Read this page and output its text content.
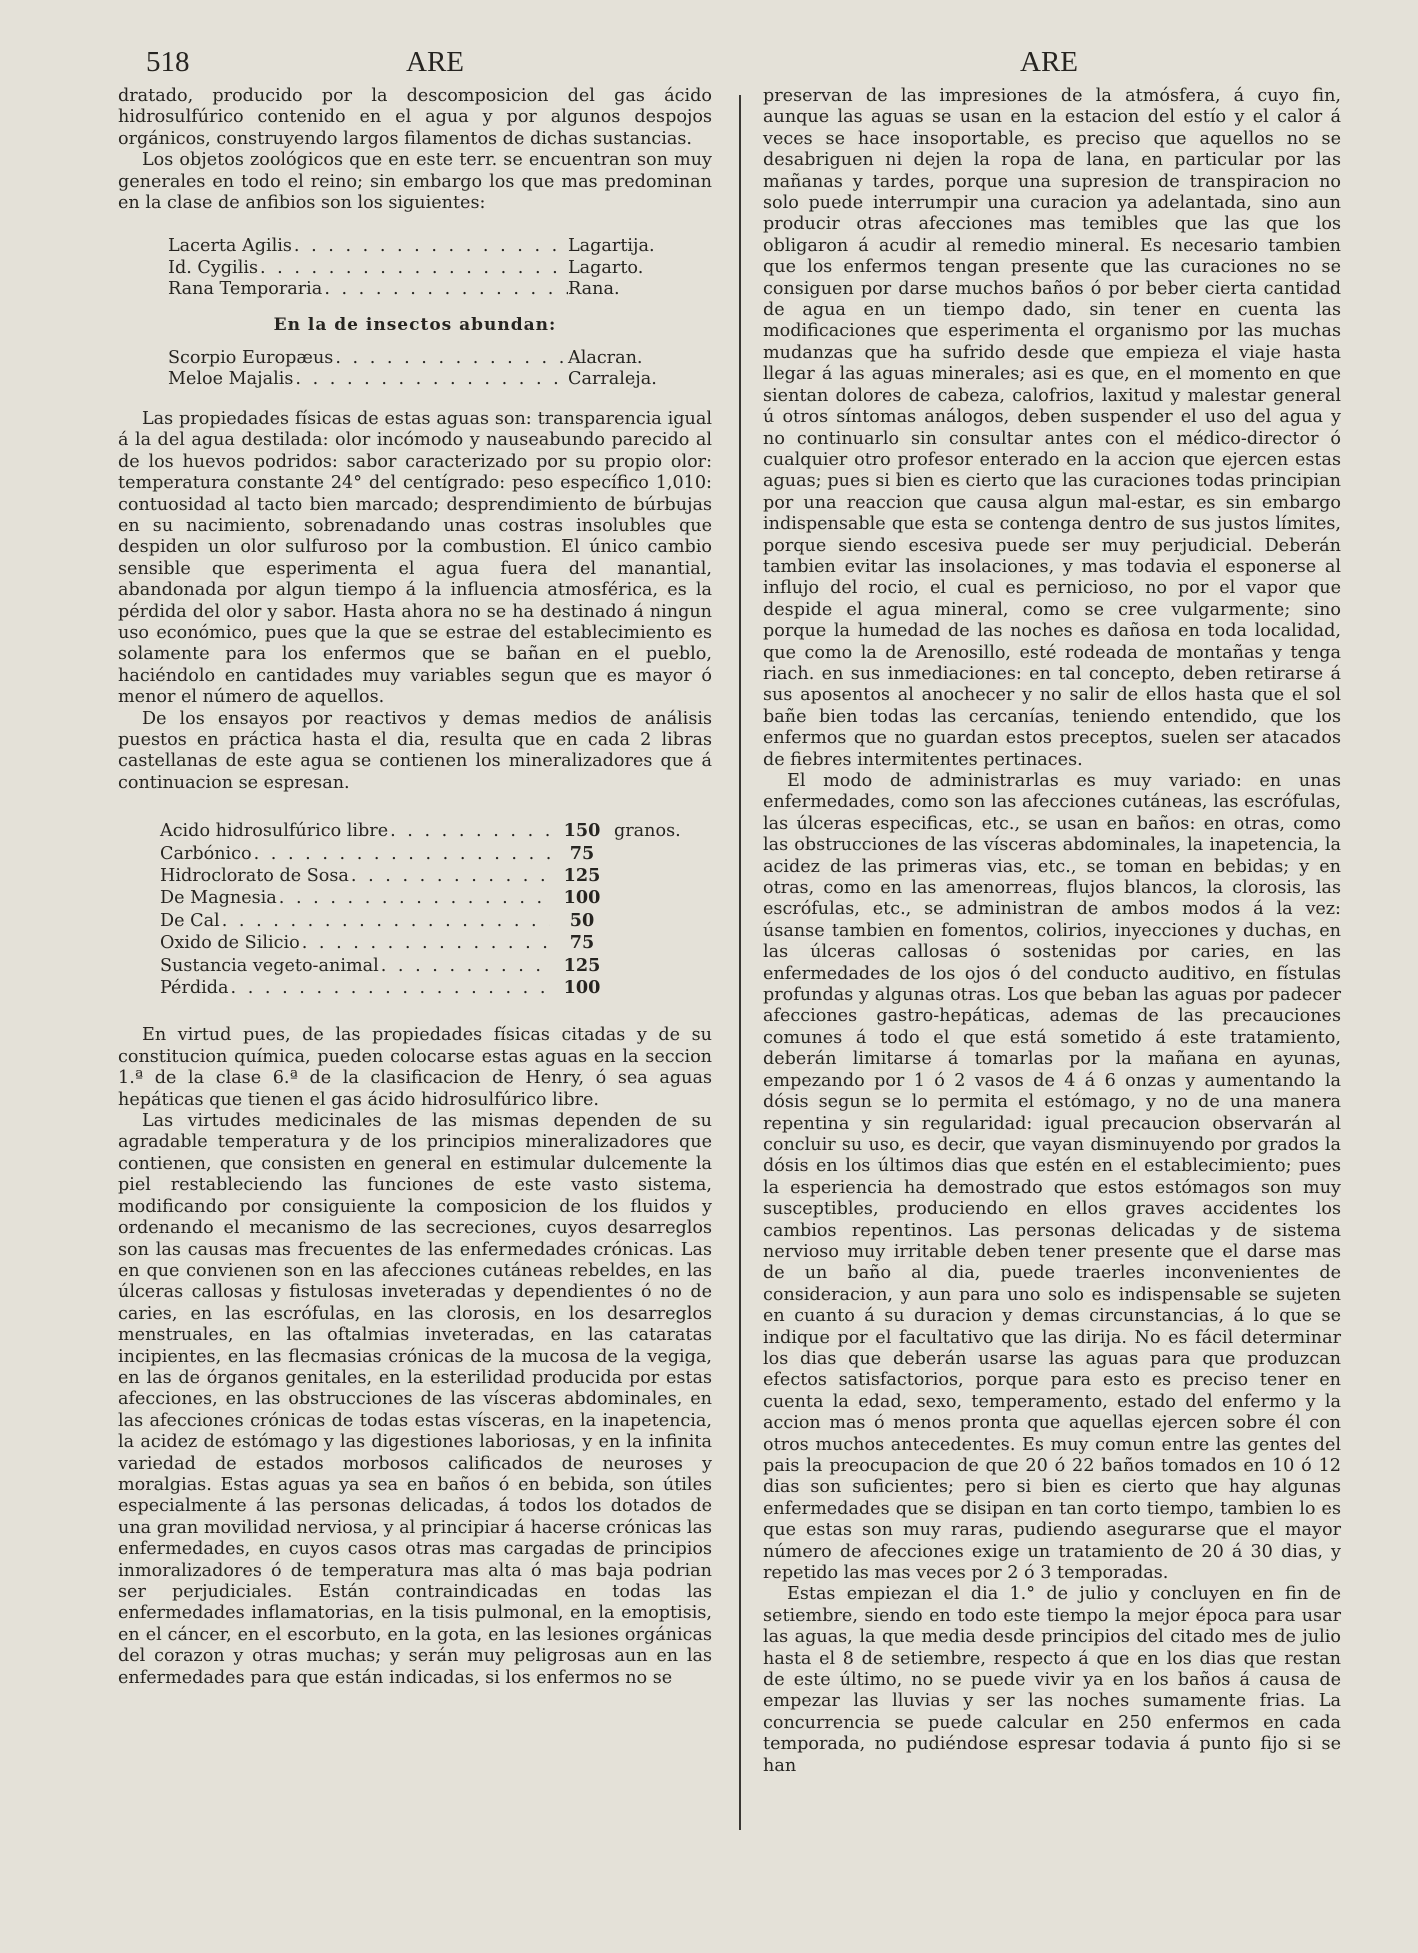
518	ARE	ARE

dratado, producido por la descomposicion del gas ácido hidrosulfúrico contenido en el agua y por algunos despojos orgánicos, construyendo largos filamentos de dichas sustancias.

Los objetos zoológicos que en este terr. se encuentran son muy generales en todo el reino; sin embargo los que mas predominan en la clase de anfibios son los siguientes:

Lacerta Agilis . . .	Lagartija.
Id. Cygilis . . .	Lagarto.
Rana Temporaria . . .	Rana.
En la de insectos abundan:
Scorpio Europæus . . .	Alacran.
Meloe Majalis . . .	Carraleja.

Las propiedades físicas de estas aguas son: transparencia igual á la del agua destilada: olor incómodo y nauseabundo parecido al de los huevos podridos: sabor caracterizado por su propio olor: temperatura constante 24° del centígrado: peso específico 1,010: contuosidad al tacto bien marcado; desprendimiento de búrbujas en su nacimiento, sobrenadando unas costras insolubles que despiden un olor sulfuroso por la combustion. El único cambio sensible que esperimenta el agua fuera del manantial, abandonada por algun tiempo á la influencia atmosférica, es la pérdida del olor y sabor. Hasta ahora no se ha destinado á ningun uso económico, pues que la que se estrae del establecimiento es solamente para los enfermos que se bañan en el pueblo, haciéndolo en cantidades muy variables segun que es mayor ó menor el número de aquellos.

De los ensayos por reactivos y demas medios de análisis puestos en práctica hasta el dia, resulta que en cada 2 libras castellanas de este agua se contienen los mineralizadores que á continuacion se espresan.

Acido hidrosulfúrico libre . . .	150 granos.
Carbónico . . .	75
Hidroclorato de Sosa . . .	125
De Magnesia . . .	100
De Cal . . .	50
Oxido de Silicio . . .	75
Sustancia vegeto-animal . . .	125
Pérdida . . .	100

En virtud pues, de las propiedades físicas citadas y de su constitucion química, pueden colocarse estas aguas en la seccion 1.ª de la clase 6.ª de la clasificacion de Henry, ó sea aguas hepáticas que tienen el gas ácido hidrosulfúrico libre.

Las virtudes medicinales de las mismas dependen de su agradable temperatura y de los principios mineralizadores que contienen, que consisten en general en estimular dulcemente la piel restableciendo las funciones de este vasto sistema, modificando por consiguiente la composicion de los fluidos y ordenando el mecanismo de las secreciones, cuyos desarreglos son las causas mas frecuentes de las enfermedades crónicas. Las en que convienen son en las afecciones cutáneas rebeldes, en las úlceras callosas y fistulosas inveteradas y dependientes ó no de caries, en las escrófulas, en las clorosis, en los desarreglos menstruales, en las oftalmias inveteradas, en las cataratas incipientes, en las flecmasias crónicas de la mucosa de la vegiga, en las de órganos genitales, en la esterilidad producida por estas afecciones, en las obstrucciones de las vísceras abdominales, en las afecciones crónicas de todas estas vísceras, en la inapetencia, la acidez de estómago y las digestiones laboriosas, y en la infinita variedad de estados morbosos calificados de neuroses y moralgias. Estas aguas ya sea en baños ó en bebida, son útiles especialmente á las personas delicadas, á todos los dotados de una gran movilidad nerviosa, y al principiar á hacerse crónicas las enfermedades, en cuyos casos otras mas cargadas de principios inmoralizadores ó de temperatura mas alta ó mas baja podrian ser perjudiciales. Están contraindicadas en todas las enfermedades inflamatorias, en la tisis pulmonal, en la emoptisis, en el cáncer, en el escorbuto, en la gota, en las lesiones orgánicas del corazon y otras muchas; y serán muy peligrosas aun en las enfermedades para que están indicadas, si los enfermos no se

preservan de las impresiones de la atmósfera, á cuyo fin, aunque las aguas se usan en la estacion del estío y el calor á veces se hace insoportable, es preciso que aquellos no se desabriguen ni dejen la ropa de lana, en particular por las mañanas y tardes, porque una supresion de transpiracion no solo puede interrumpir una curacion ya adelantada, sino aun producir otras afecciones mas temibles que las que los obligaron á acudir al remedio mineral. Es necesario tambien que los enfermos tengan presente que las curaciones no se consiguen por darse muchos baños ó por beber cierta cantidad de agua en un tiempo dado, sin tener en cuenta las modificaciones que esperimenta el organismo por las muchas mudanzas que ha sufrido desde que empieza el viaje hasta llegar á las aguas minerales; asi es que, en el momento en que sientan dolores de cabeza, calofrios, laxitud y malestar general ú otros síntomas análogos, deben suspender el uso del agua y no continuarlo sin consultar antes con el médico-director ó cualquier otro profesor enterado en la accion que ejercen estas aguas; pues si bien es cierto que las curaciones todas principian por una reaccion que causa algun mal-estar, es sin embargo indispensable que esta se contenga dentro de sus justos límites, porque siendo escesiva puede ser muy perjudicial. Deberán tambien evitar las insolaciones, y mas todavia el esponerse al influjo del rocio, el cual es pernicioso, no por el vapor que despide el agua mineral, como se cree vulgarmente; sino porque la humedad de las noches es dañosa en toda localidad, que como la de Arenosillo, esté rodeada de montañas y tenga riach. en sus inmediaciones: en tal concepto, deben retirarse á sus aposentos al anochecer y no salir de ellos hasta que el sol bañe bien todas las cercanías, teniendo entendido, que los enfermos que no guardan estos preceptos, suelen ser atacados de fiebres intermitentes pertinaces.

El modo de administrarlas es muy variado: en unas enfermedades, como son las afecciones cutáneas, las escrófulas, las úlceras especificas, etc., se usan en baños: en otras, como las obstrucciones de las vísceras abdominales, la inapetencia, la acidez de las primeras vias, etc., se toman en bebidas; y en otras, como en las amenorreas, flujos blancos, la clorosis, las escrófulas, etc., se administran de ambos modos á la vez: úsanse tambien en fomentos, colirios, inyecciones y duchas, en las úlceras callosas ó sostenidas por caries, en las enfermedades de los ojos ó del conducto auditivo, en fístulas profundas y algunas otras. Los que beban las aguas por padecer afecciones gastro-hepáticas, ademas de las precauciones comunes á todo el que está sometido á este tratamiento, deberán limitarse á tomarlas por la mañana en ayunas, empezando por 1 ó 2 vasos de 4 á 6 onzas y aumentando la dósis segun se lo permita el estómago, y no de una manera repentina y sin regularidad: igual precaucion observarán al concluir su uso, es decir, que vayan disminuyendo por grados la dósis en los últimos dias que estén en el establecimiento; pues la esperiencia ha demostrado que estos estómagos son muy susceptibles, produciendo en ellos graves accidentes los cambios repentinos. Las personas delicadas y de sistema nervioso muy irritable deben tener presente que el darse mas de un baño al dia, puede traerles inconvenientes de consideracion, y aun para uno solo es indispensable se sujeten en cuanto á su duracion y demas circunstancias, á lo que se indique por el facultativo que las dirija. No es fácil determinar los dias que deberán usarse las aguas para que produzcan efectos satisfactorios, porque para esto es preciso tener en cuenta la edad, sexo, temperamento, estado del enfermo y la accion mas ó menos pronta que aquellas ejercen sobre él con otros muchos antecedentes. Es muy comun entre las gentes del pais la preocupacion de que 20 ó 22 baños tomados en 10 ó 12 dias son suficientes; pero si bien es cierto que hay algunas enfermedades que se disipan en tan corto tiempo, tambien lo es que estas son muy raras, pudiendo asegurarse que el mayor número de afecciones exige un tratamiento de 20 á 30 dias, y repetido las mas veces por 2 ó 3 temporadas.

Estas empiezan el dia 1.° de julio y concluyen en fin de setiembre, siendo en todo este tiempo la mejor época para usar las aguas, la que media desde principios del citado mes de julio hasta el 8 de setiembre, respecto á que en los dias que restan de este último, no se puede vivir ya en los baños á causa de empezar las lluvias y ser las noches sumamente frias. La concurrencia se puede calcular en 250 enfermos en cada temporada, no pudiéndose espresar todavia á punto fijo si se han
